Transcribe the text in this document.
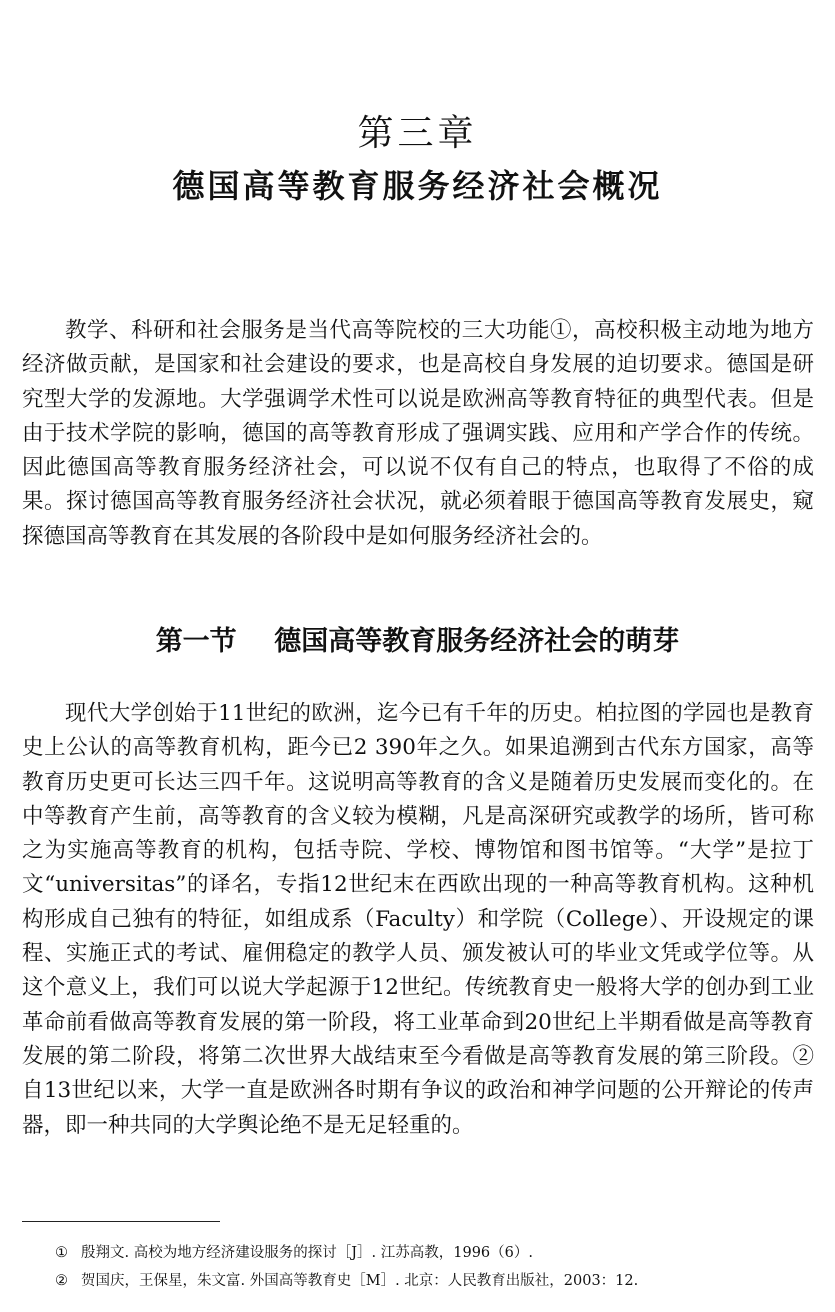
第三章
德国高等教育服务经济社会概况

教学、科研和社会服务是当代高等院校的三大功能①，高校积极主动地为地方经济做贡献，是国家和社会建设的要求，也是高校自身发展的迫切要求。德国是研究型大学的发源地。大学强调学术性可以说是欧洲高等教育特征的典型代表。但是由于技术学院的影响，德国的高等教育形成了强调实践、应用和产学合作的传统。因此德国高等教育服务经济社会，可以说不仅有自己的特点，也取得了不俗的成果。探讨德国高等教育服务经济社会状况，就必须着眼于德国高等教育发展史，窥探德国高等教育在其发展的各阶段中是如何服务经济社会的。

第一节    德国高等教育服务经济社会的萌芽

现代大学创始于11世纪的欧洲，迄今已有千年的历史。柏拉图的学园也是教育史上公认的高等教育机构，距今已2 390年之久。如果追溯到古代东方国家，高等教育历史更可长达三四千年。这说明高等教育的含义是随着历史发展而变化的。在中等教育产生前，高等教育的含义较为模糊，凡是高深研究或教学的场所，皆可称之为实施高等教育的机构，包括寺院、学校、博物馆和图书馆等。“大学”是拉丁文“universitas”的译名，专指12世纪末在西欧出现的一种高等教育机构。这种机构形成自己独有的特征，如组成系（Faculty）和学院（College）、开设规定的课程、实施正式的考试、雇佣稳定的教学人员、颁发被认可的毕业文凭或学位等。从这个意义上，我们可以说大学起源于12世纪。传统教育史一般将大学的创办到工业革命前看做高等教育发展的第一阶段，将工业革命到20世纪上半期看做是高等教育发展的第二阶段，将第二次世界大战结束至今看做是高等教育发展的第三阶段。② 自13世纪以来，大学一直是欧洲各时期有争议的政治和神学问题的公开辩论的传声器，即一种共同的大学舆论绝不是无足轻重的。

① 殷翔文. 高校为地方经济建设服务的探讨［J］. 江苏高教，1996（6）.
② 贺国庆，王保星，朱文富. 外国高等教育史［M］. 北京：人民教育出版社，2003：12.
